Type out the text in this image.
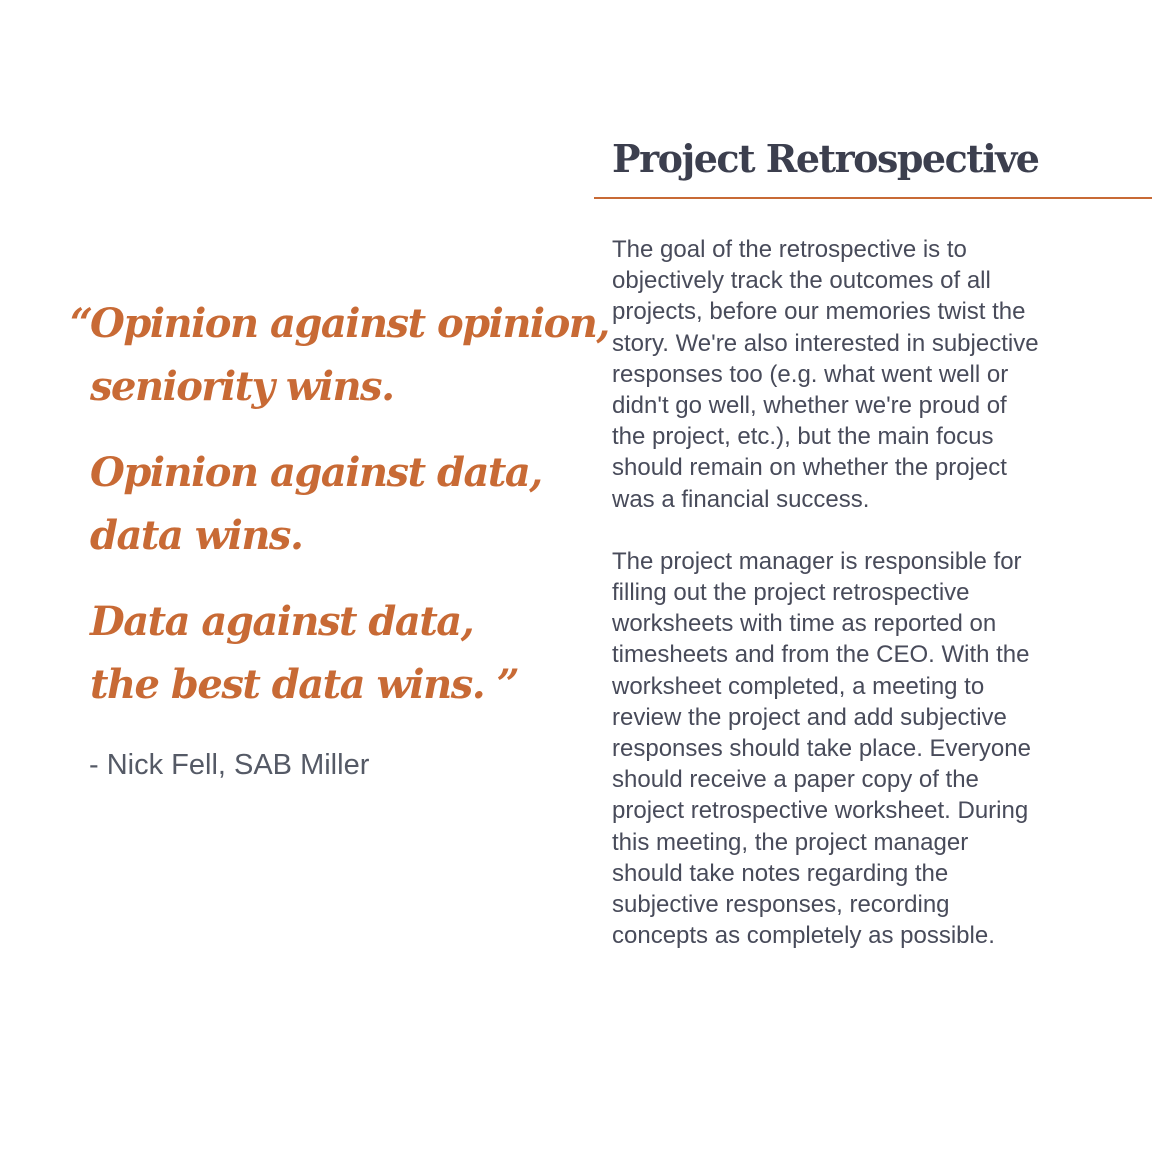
“Opinion against opinion,
seniority wins.
Opinion against data,
data wins.
Data against data,
the best data wins. ”
- Nick Fell, SAB Miller
Project Retrospective

The goal of the retrospective is to
objectively track the outcomes of all
projects, before our memories twist the
story. We're also interested in subjective
responses too (e.g. what went well or
didn't go well, whether we're proud of
the project, etc.), but the main focus
should remain on whether the project
was a financial success.

The project manager is responsible for
filling out the project retrospective
worksheets with time as reported on
timesheets and from the CEO. With the
worksheet completed, a meeting to
review the project and add subjective
responses should take place. Everyone
should receive a paper copy of the
project retrospective worksheet. During
this meeting, the project manager
should take notes regarding the
subjective responses, recording
concepts as completely as possible.
